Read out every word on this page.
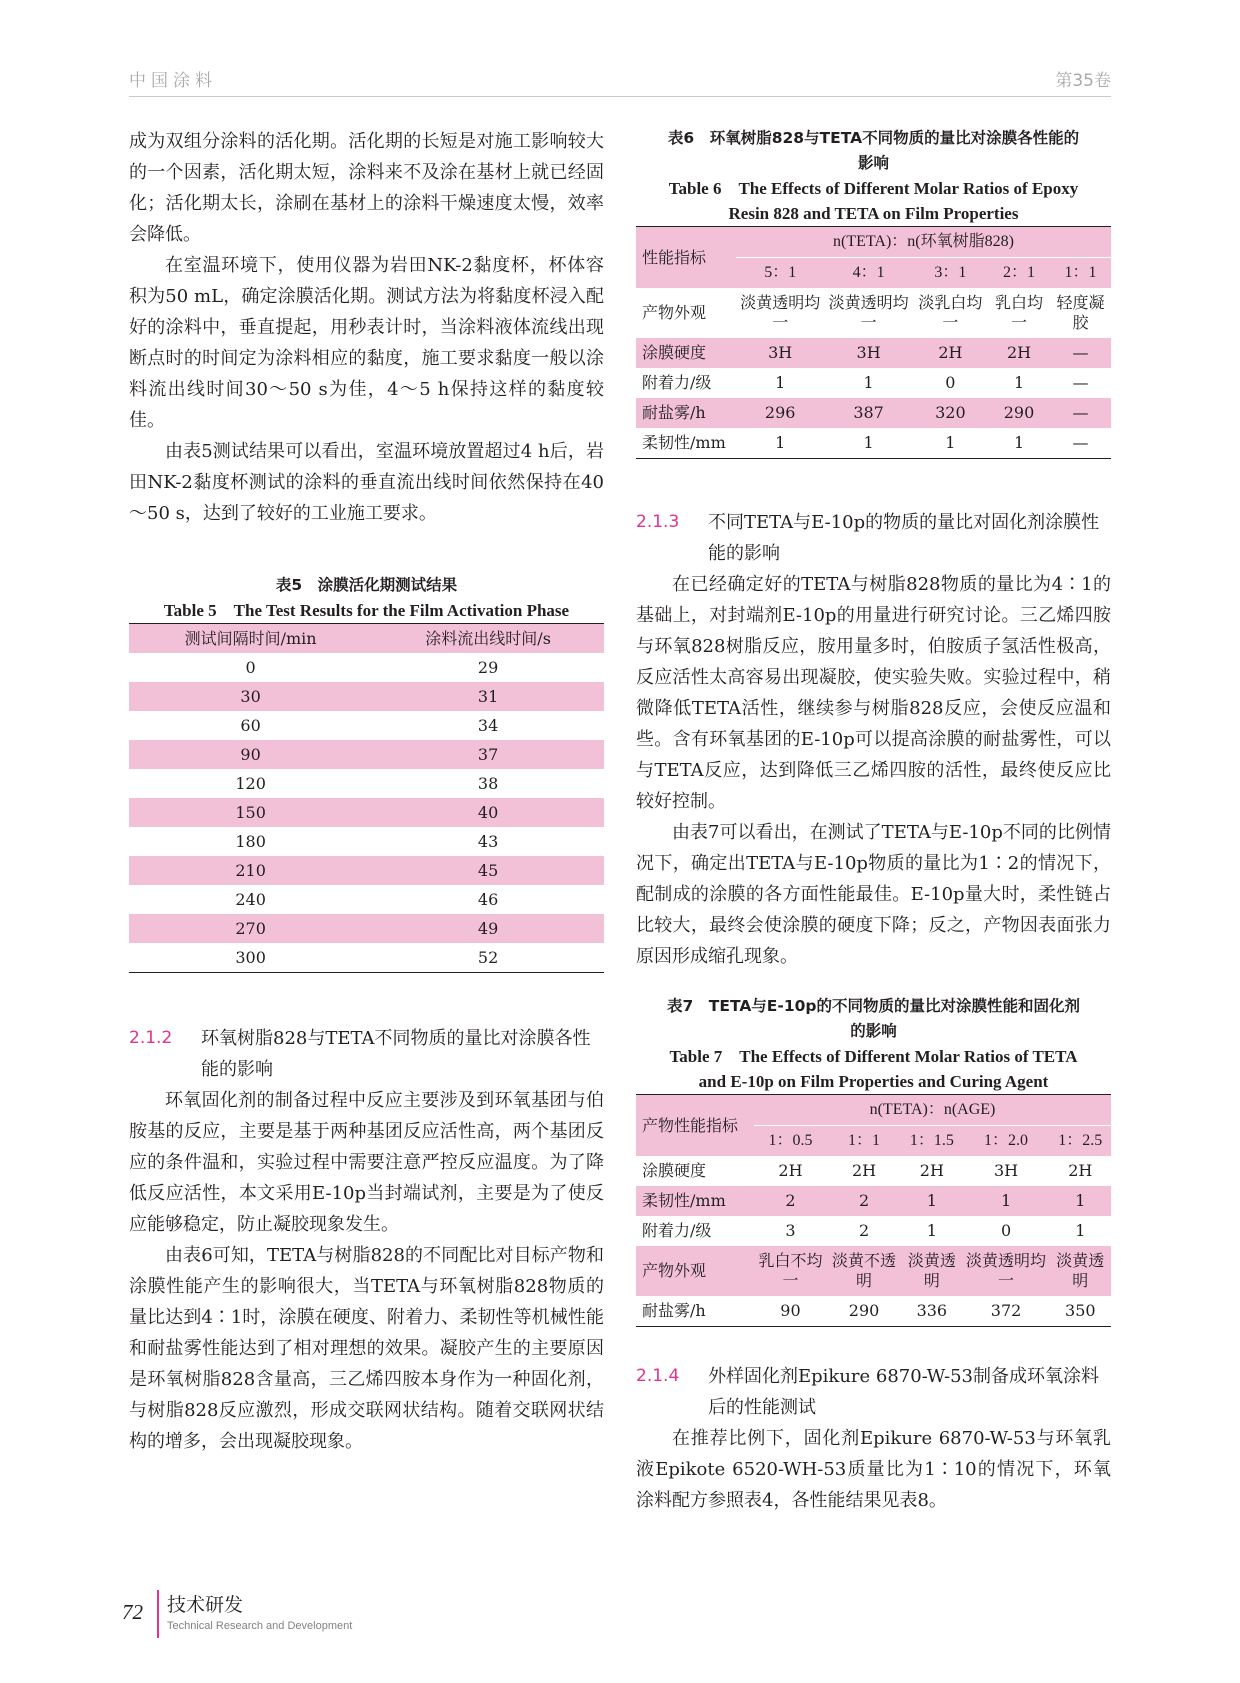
中国涂料	第35卷

成为双组分涂料的活化期。活化期的长短是对施工影响较大的一个因素，活化期太短，涂料来不及涂在基材上就已经固化；活化期太长，涂刷在基材上的涂料干燥速度太慢，效率会降低。

在室温环境下，使用仪器为岩田NK-2黏度杯，杯体容积为50 mL，确定涂膜活化期。测试方法为将黏度杯浸入配好的涂料中，垂直提起，用秒表计时，当涂料液体流线出现断点时的时间定为涂料相应的黏度，施工要求黏度一般以涂料流出线时间30～50 s为佳，4～5 h保持这样的黏度较佳。

由表5测试结果可以看出，室温环境放置超过4 h后，岩田NK-2黏度杯测试的涂料的垂直流出线时间依然保持在40～50 s，达到了较好的工业施工要求。

表5　涂膜活化期测试结果
Table 5　The Test Results for the Film Activation Phase
测试间隔时间/min	涂料流出线时间/s
0	29
30	31
60	34
90	37
120	38
150	40
180	43
210	45
240	46
270	49
300	52
2.1.2	环氧树脂828与TETA不同物质的量比对涂膜各性能的影响

环氧固化剂的制备过程中反应主要涉及到环氧基团与伯胺基的反应，主要是基于两种基团反应活性高，两个基团反应的条件温和，实验过程中需要注意严控反应温度。为了降低反应活性，本文采用E-10p当封端试剂，主要是为了使反应能够稳定，防止凝胶现象发生。

由表6可知，TETA与树脂828的不同配比对目标产物和涂膜性能产生的影响很大，当TETA与环氧树脂828物质的量比达到4∶1时，涂膜在硬度、附着力、柔韧性等机械性能和耐盐雾性能达到了相对理想的效果。凝胶产生的主要原因是环氧树脂828含量高，三乙烯四胺本身作为一种固化剂，与树脂828反应激烈，形成交联网状结构。随着交联网状结构的增多，会出现凝胶现象。

表6　环氧树脂828与TETA不同物质的量比对涂膜各性能的
影响
Table 6　The Effects of Different Molar Ratios of Epoxy
Resin 828 and TETA on Film Properties
性能指标	n(TETA)：n(环氧树脂828)				
	5：1	4：1	3：1	2：1	1：1
产物外观	淡黄透明均一	淡黄透明均一	淡乳白均一	乳白均一	轻度凝胶
涂膜硬度	3H	3H	2H	2H	—
附着力/级	1	1	0	1	—
耐盐雾/h	296	387	320	290	—
柔韧性/mm	1	1	1	1	—
2.1.3	不同TETA与E-10p的物质的量比对固化剂涂膜性能的影响

在已经确定好的TETA与树脂828物质的量比为4∶1的基础上，对封端剂E-10p的用量进行研究讨论。三乙烯四胺与环氧828树脂反应，胺用量多时，伯胺质子氢活性极高，反应活性太高容易出现凝胶，使实验失败。实验过程中，稍微降低TETA活性，继续参与树脂828反应，会使反应温和些。含有环氧基团的E-10p可以提高涂膜的耐盐雾性，可以与TETA反应，达到降低三乙烯四胺的活性，最终使反应比较好控制。

由表7可以看出，在测试了TETA与E-10p不同的比例情况下，确定出TETA与E-10p物质的量比为1∶2的情况下，配制成的涂膜的各方面性能最佳。E-10p量大时，柔性链占比较大，最终会使涂膜的硬度下降；反之，产物因表面张力原因形成缩孔现象。

表7　TETA与E-10p的不同物质的量比对涂膜性能和固化剂
的影响
Table 7　The Effects of Different Molar Ratios of TETA
and E-10p on Film Properties and Curing Agent
产物性能指标	n(TETA)：n(AGE)				
	1：0.5	1：1	1：1.5	1：2.0	1：2.5
涂膜硬度	2H	2H	2H	3H	2H
柔韧性/mm	2	2	1	1	1
附着力/级	3	2	1	0	1
产物外观	乳白不均一	淡黄不透明	淡黄透明	淡黄透明均一	淡黄透明
耐盐雾/h	90	290	336	372	350
2.1.4	外样固化剂Epikure 6870-W-53制备成环氧涂料后的性能测试

在推荐比例下，固化剂Epikure 6870-W-53与环氧乳液Epikote 6520-WH-53质量比为1∶10的情况下，环氧涂料配方参照表4，各性能结果见表8。

72 技术研发
Technical Research and Development
